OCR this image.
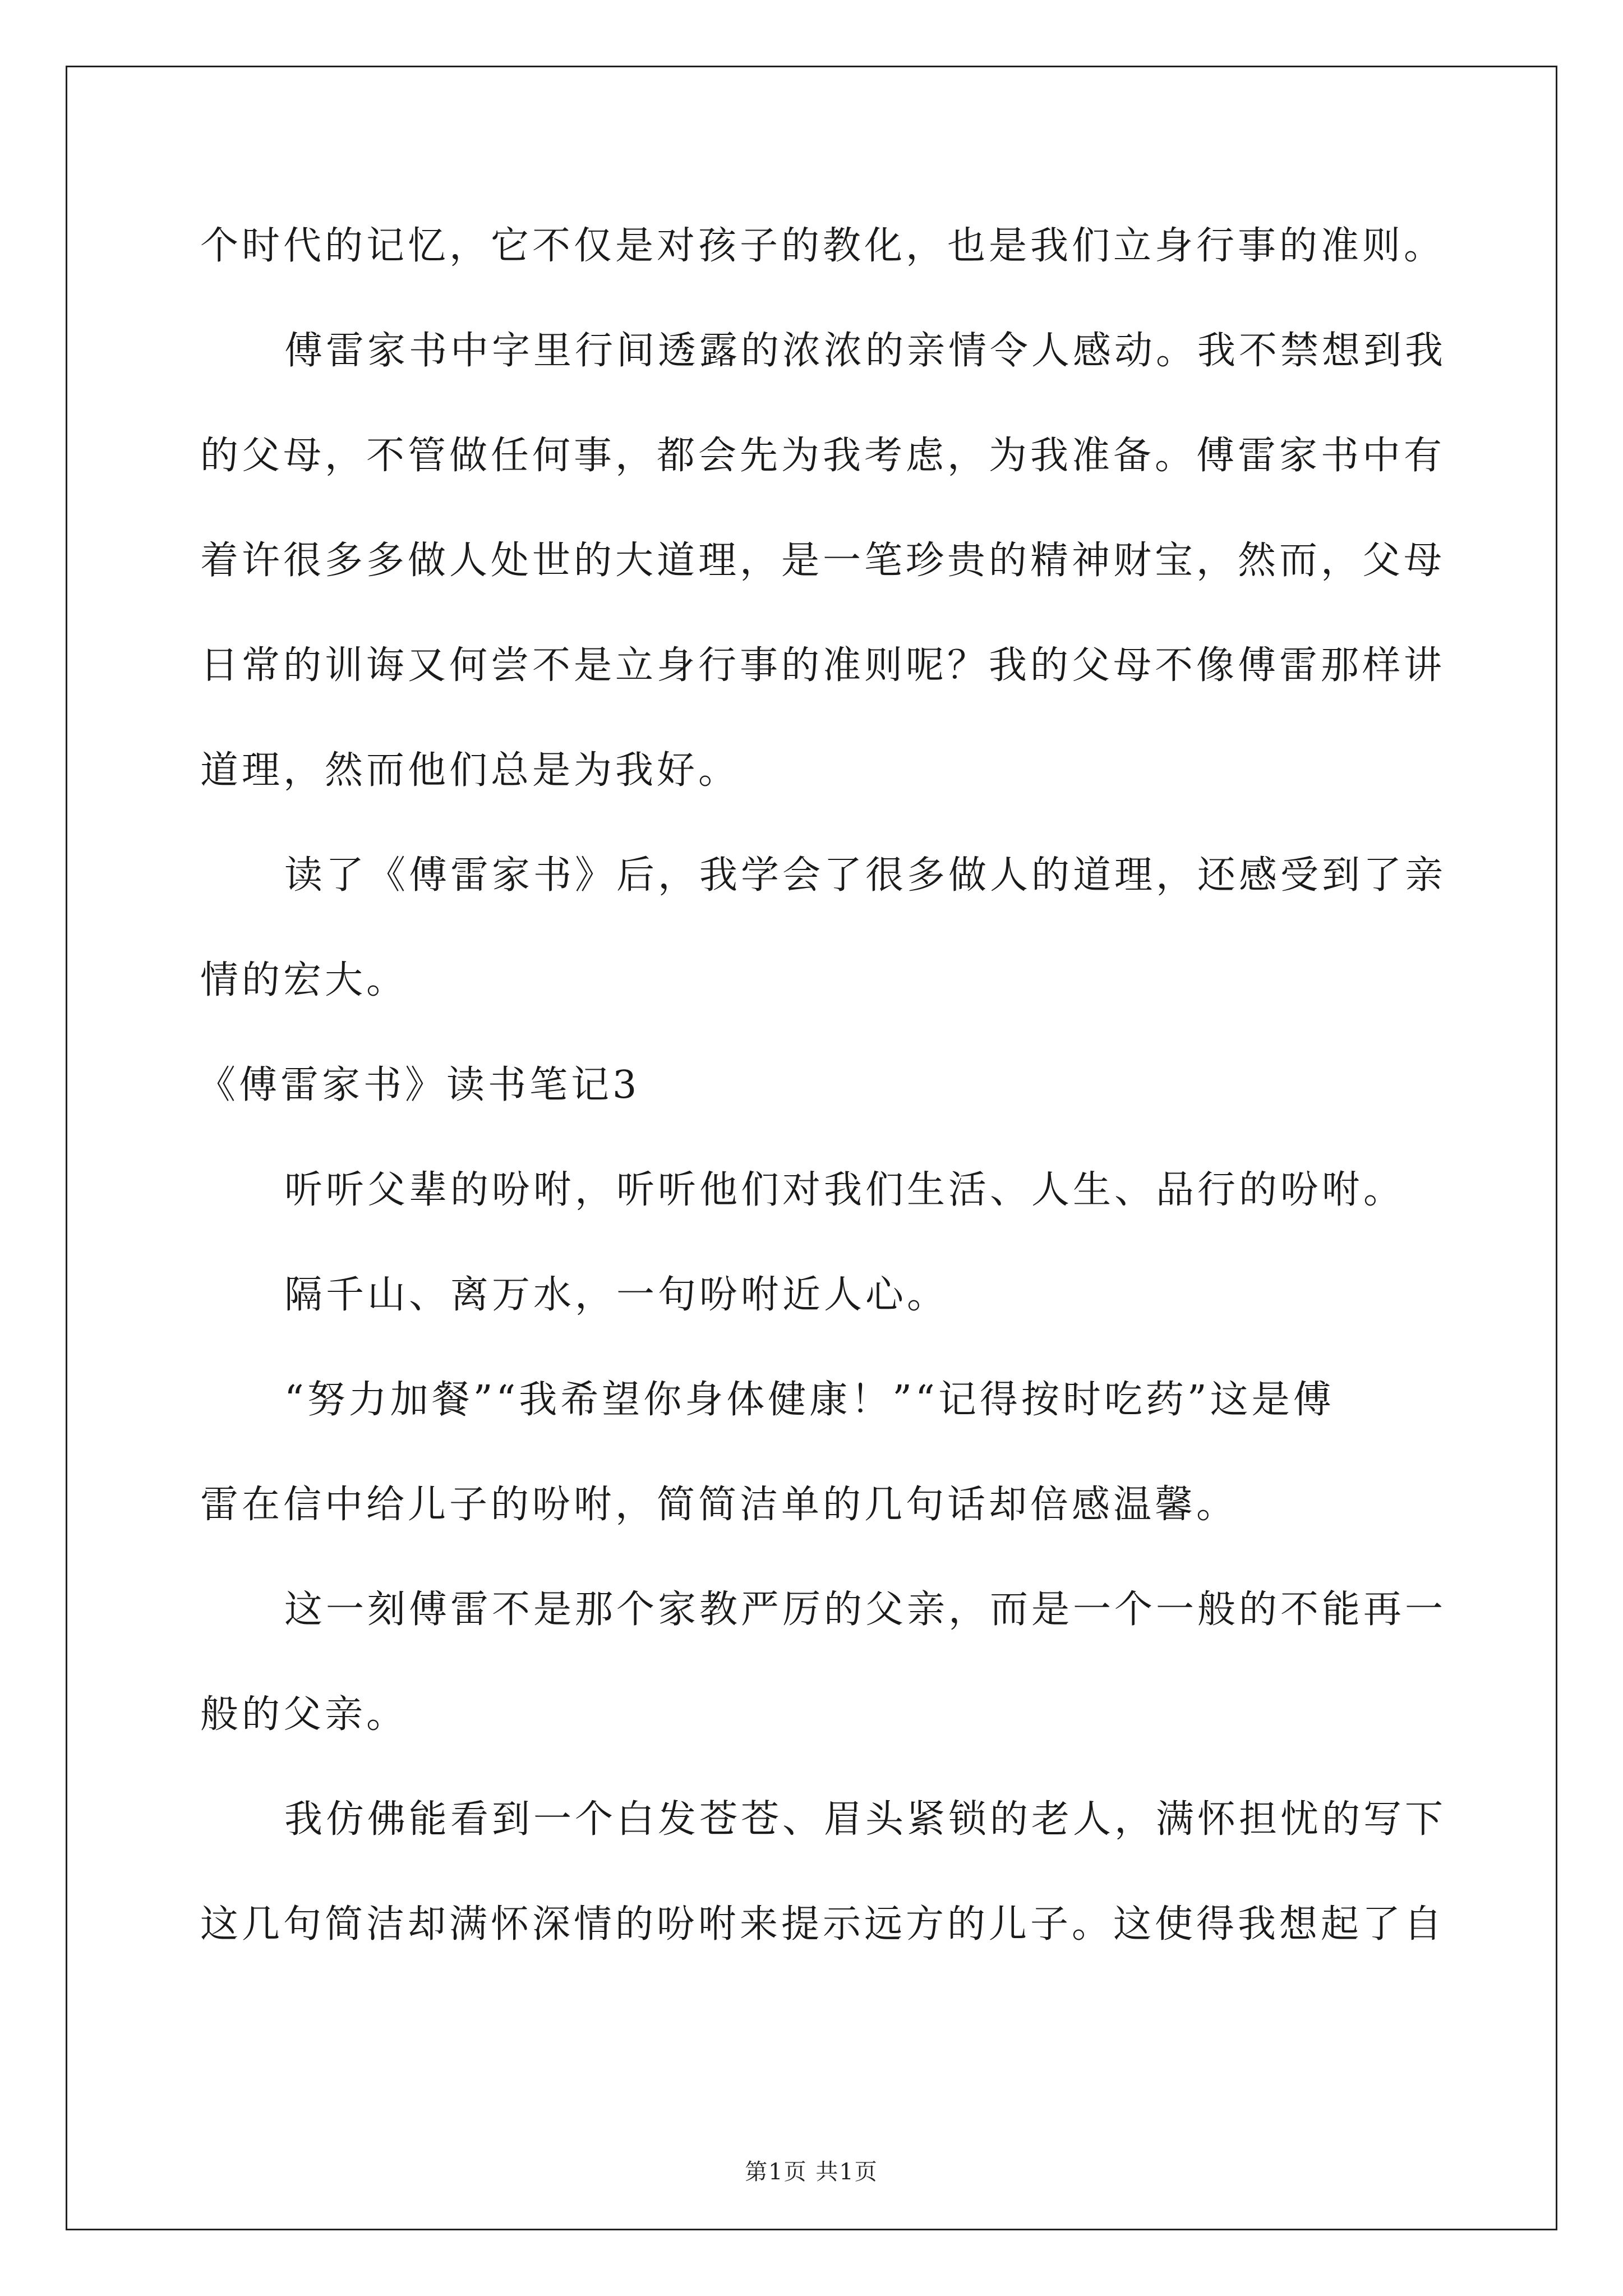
个时代的记忆，它不仅是对孩子的教化，也是我们立身行事的准则。
傅雷家书中字里行间透露的浓浓的亲情令人感动。我不禁想到我
的父母，不管做任何事，都会先为我考虑，为我准备。傅雷家书中有
着许很多多做人处世的大道理，是一笔珍贵的精神财宝，然而，父母
日常的训诲又何尝不是立身行事的准则呢？我的父母不像傅雷那样讲
道理，然而他们总是为我好。
读了《傅雷家书》后，我学会了很多做人的道理，还感受到了亲
情的宏大。
《傅雷家书》读书笔记3
听听父辈的吩咐，听听他们对我们生活、人生、品行的吩咐。
隔千山、离万水，一句吩咐近人心。
“努力加餐”“我希望你身体健康！”“记得按时吃药”这是傅
雷在信中给儿子的吩咐，简简洁单的几句话却倍感温馨。
这一刻傅雷不是那个家教严厉的父亲，而是一个一般的不能再一
般的父亲。
我仿佛能看到一个白发苍苍、眉头紧锁的老人，满怀担忧的写下
这几句简洁却满怀深情的吩咐来提示远方的儿子。这使得我想起了自
第1页 共1页
